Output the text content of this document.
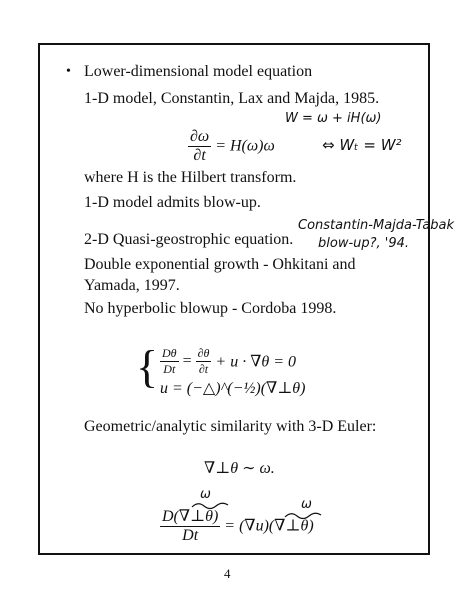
• Lower-dimensional model equation
1-D model, Constantin, Lax and Majda, 1985.
W = ω + iH(ω)
$\frac{\partial\omega}{\partial t} = H(\omega)\omega$	⇔ Wₜ = W²
where H is the Hilbert transform.
1-D model admits blow-up.
2-D Quasi-geostrophic equation.
Constantin-Majda-Tabak
blow-up?, '94.
Double exponential growth - Ohkitani and
Yamada, 1997.
No hyperbolic blowup - Cordoba 1998.
{ $\frac{D\theta}{Dt} = \frac{\partial\theta}{\partial t} + u \cdot \nabla\theta = 0$
u = (−△)^(−½)(∇⊥θ)
Geometric/analytic similarity with 3-D Euler:
∇⊥θ ∼ ω.
ω
ω
$\frac{D(\nabla\perp\theta)}{Dt}$ = (∇u)(∇⊥θ)
4
